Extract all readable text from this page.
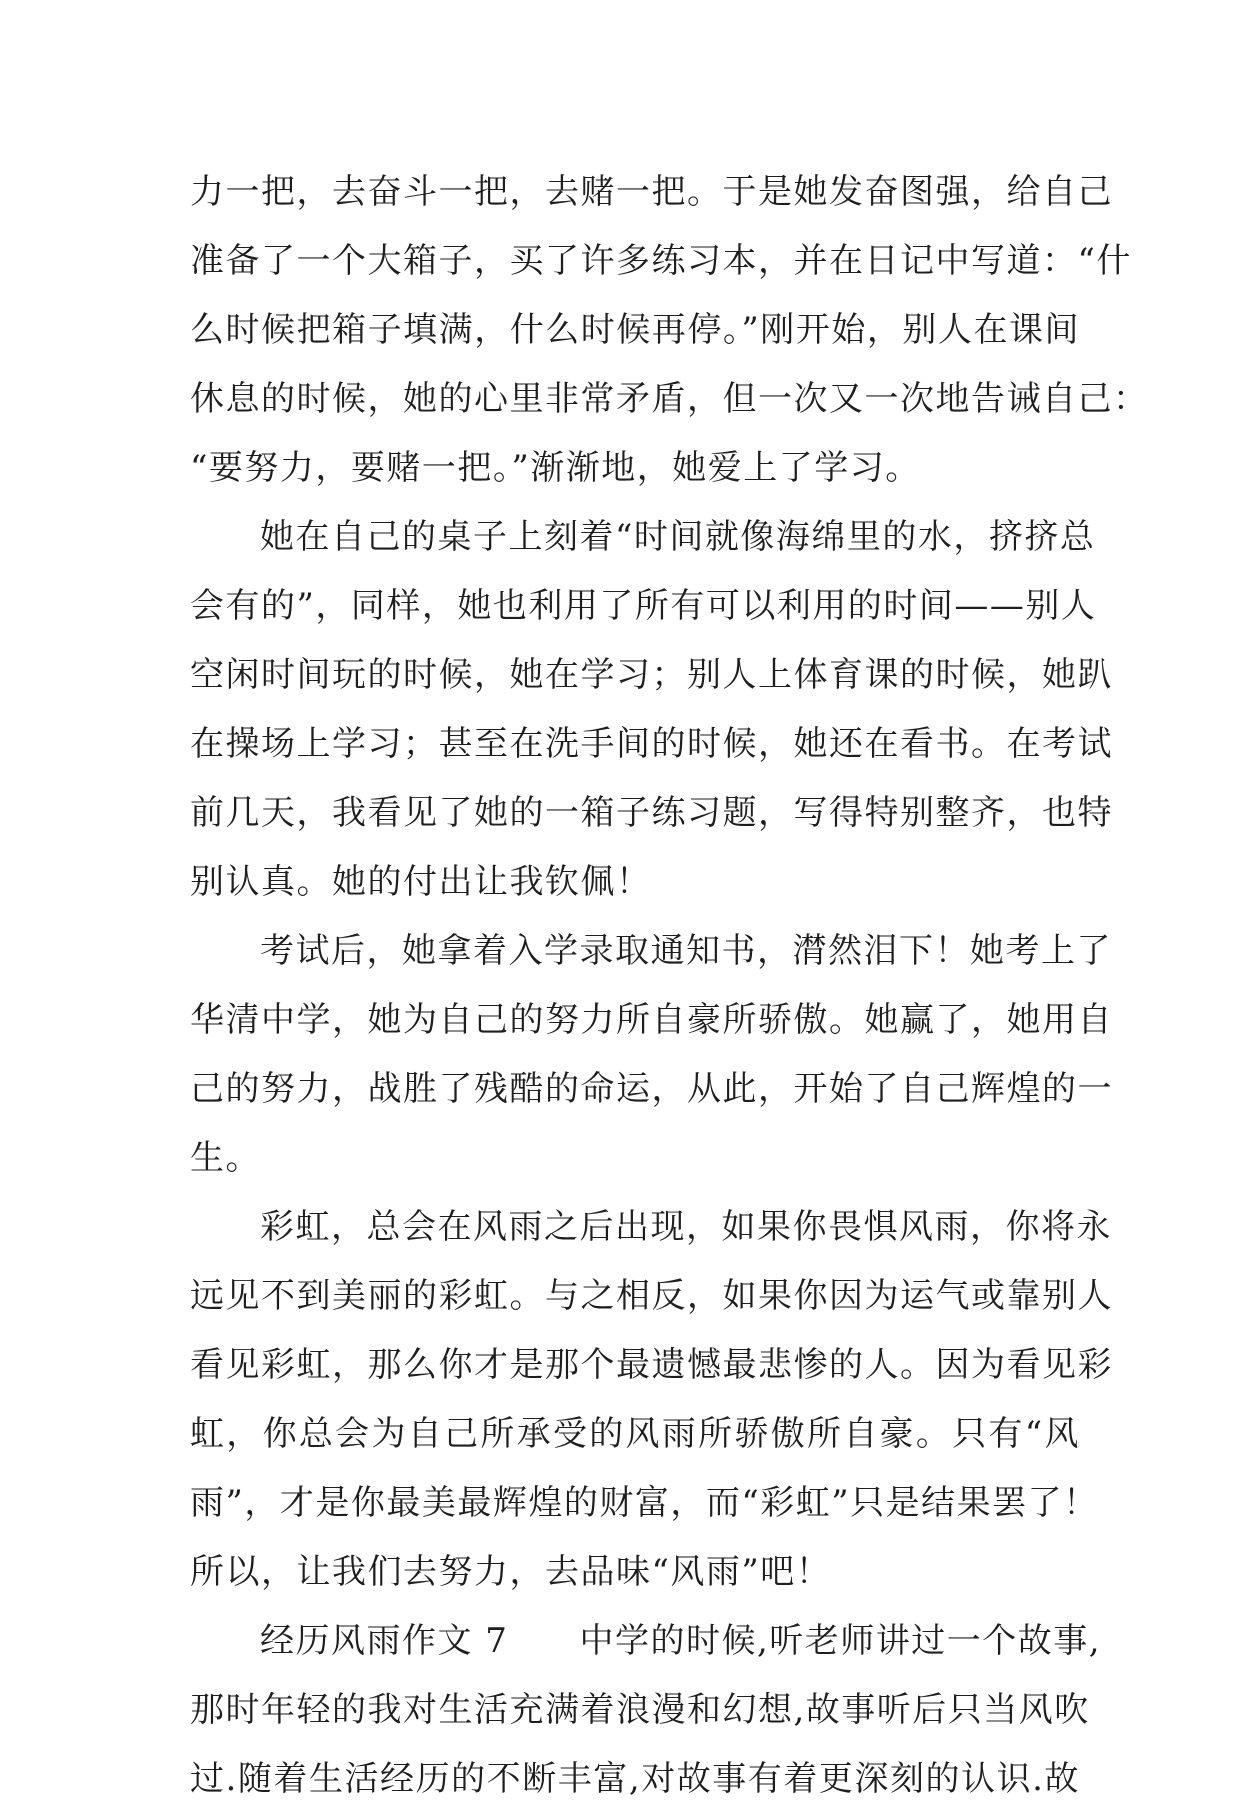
力一把，去奋斗一把，去赌一把。于是她发奋图强，给自己
准备了一个大箱子，买了许多练习本，并在日记中写道：“什
么时候把箱子填满，什么时候再停。”刚开始，别人在课间
休息的时候，她的心里非常矛盾，但一次又一次地告诫自己：
“要努力，要赌一把。”渐渐地，她爱上了学习。
她在自己的桌子上刻着“时间就像海绵里的水，挤挤总
会有的”，同样，她也利用了所有可以利用的时间——别人
空闲时间玩的时候，她在学习；别人上体育课的时候，她趴
在操场上学习；甚至在洗手间的时候，她还在看书。在考试
前几天，我看见了她的一箱子练习题，写得特别整齐，也特
别认真。她的付出让我钦佩！
考试后，她拿着入学录取通知书，潸然泪下！她考上了
华清中学，她为自己的努力所自豪所骄傲。她赢了，她用自
己的努力，战胜了残酷的命运，从此，开始了自己辉煌的一
生。
彩虹，总会在风雨之后出现，如果你畏惧风雨，你将永
远见不到美丽的彩虹。与之相反，如果你因为运气或靠别人
看见彩虹，那么你才是那个最遗憾最悲惨的人。因为看见彩
虹，你总会为自己所承受的风雨所骄傲所自豪。只有“风
雨”，才是你最美最辉煌的财富，而“彩虹”只是结果罢了！
所以，让我们去努力，去品味“风雨”吧！
经历风雨作文 7　　中学的时候,听老师讲过一个故事,
那时年轻的我对生活充满着浪漫和幻想,故事听后只当风吹
过.随着生活经历的不断丰富,对故事有着更深刻的认识.故
